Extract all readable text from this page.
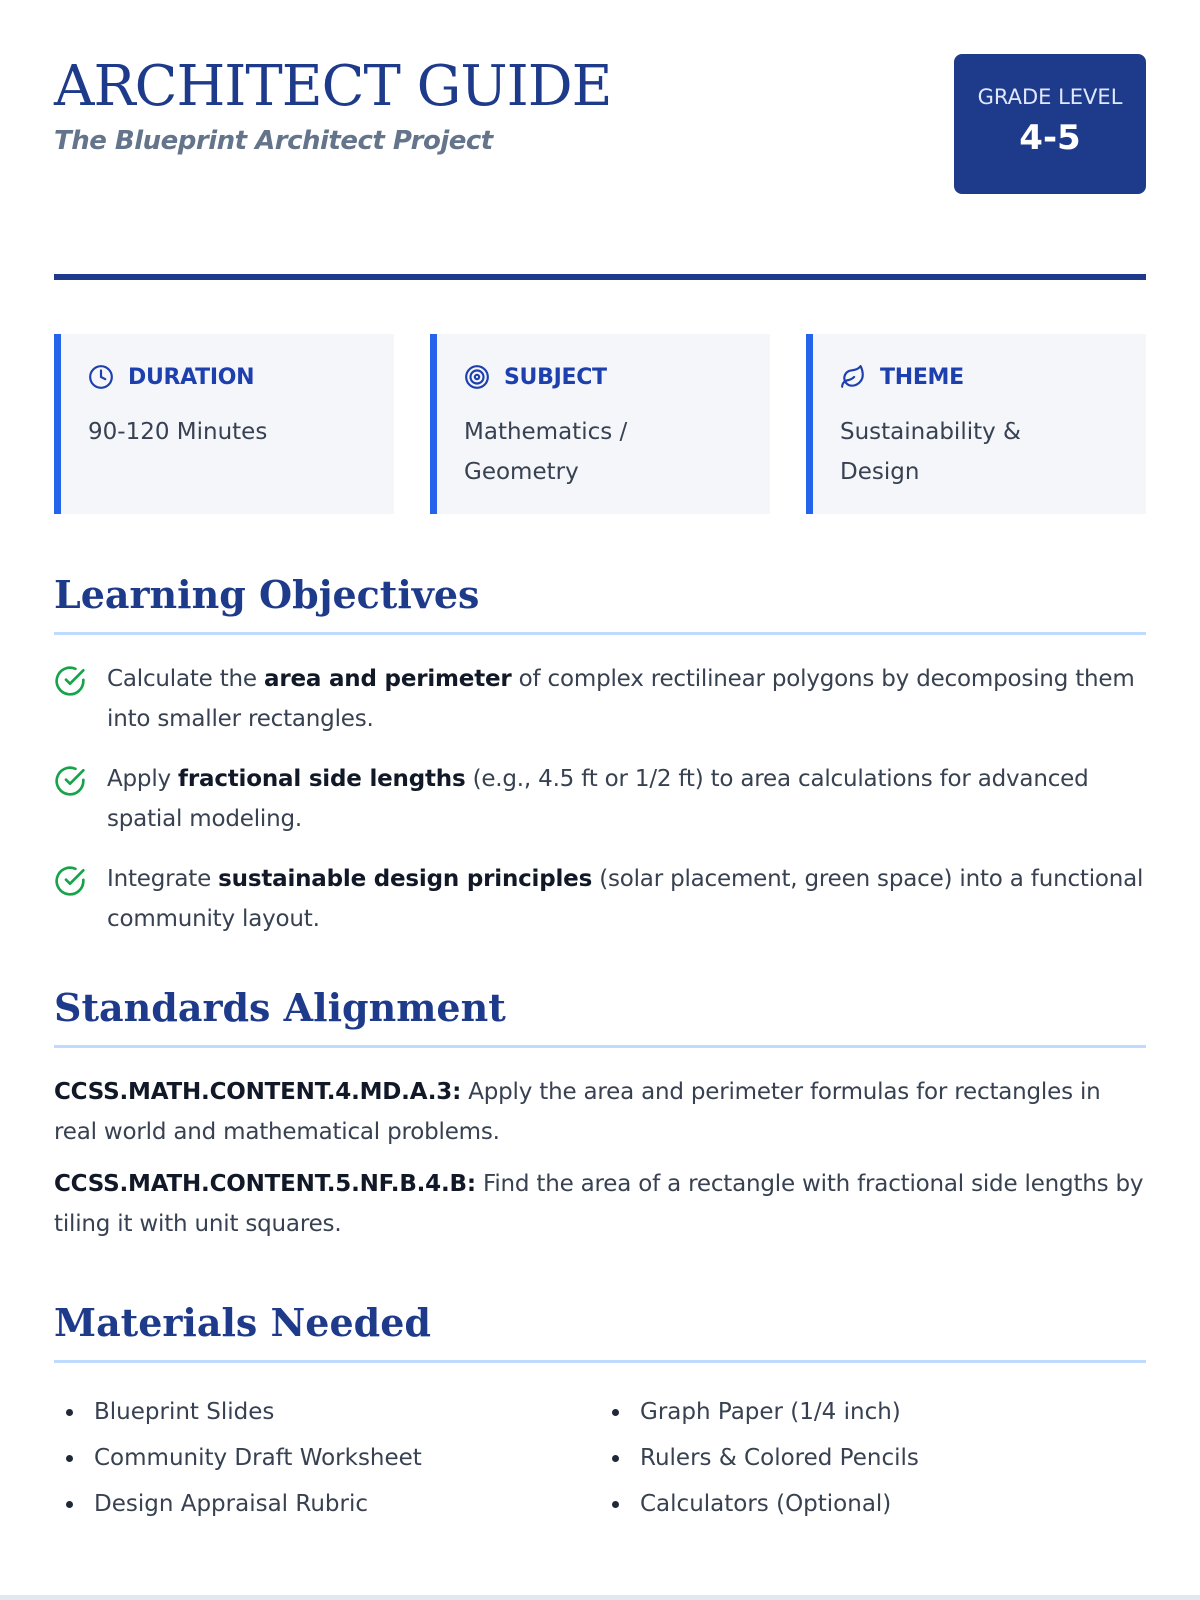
ARCHITECT GUIDE
The Blueprint Architect Project
GRADE LEVEL
4-5
DURATION
90-120 Minutes
SUBJECT
Mathematics / Geometry
THEME
Sustainability & Design
Learning Objectives

Calculate the area and perimeter of complex rectilinear polygons by decomposing them into smaller rectangles.

Apply fractional side lengths (e.g., 4.5 ft or 1/2 ft) to area calculations for advanced spatial modeling.

Integrate sustainable design principles (solar placement, green space) into a functional community layout.

Standards Alignment

CCSS.MATH.CONTENT.4.MD.A.3: Apply the area and perimeter formulas for rectangles in real world and mathematical problems.

CCSS.MATH.CONTENT.5.NF.B.4.B: Find the area of a rectangle with fractional side lengths by tiling it with unit squares.

Materials Needed
Blueprint Slides
Community Draft Worksheet
Design Appraisal Rubric
Graph Paper (1/4 inch)
Rulers & Colored Pencils
Calculators (Optional)
